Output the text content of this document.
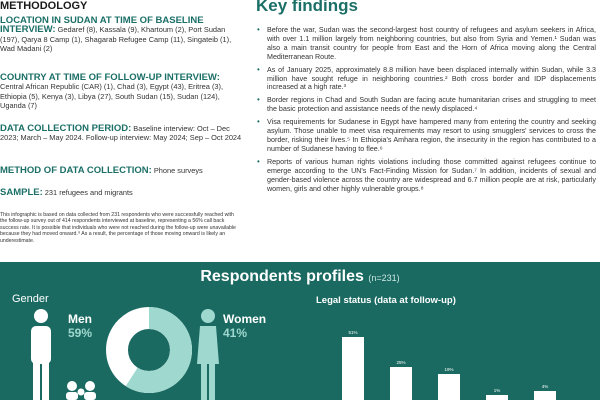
METHODOLOGY
LOCATION IN SUDAN AT TIME OF BASELINE INTERVIEW: Gedaref (8), Kassala (9), Khartoum (2), Port Sudan (197), Qarya 8 Camp (1), Shagarab Refugee Camp (11), Singateib (1), Wad Madani (2)
COUNTRY AT TIME OF FOLLOW-UP INTERVIEW: Central African Republic (CAR) (1), Chad (3), Egypt (43), Eritrea (3), Ethiopia (5), Kenya (3), Libya (27), South Sudan (15), Sudan (124), Uganda (7)
DATA COLLECTION PERIOD: Baseline interview: Oct – Dec 2023; March – May 2024. Follow-up interview: May 2024; Sep – Oct 2024
METHOD OF DATA COLLECTION: Phone surveys
SAMPLE: 231 refugees and migrants
This infographic is based on data collected from 231 respondents who were successfully reached with the follow-up survey out of 414 respondents interviewed at baseline, representing a 56% call back success rate. It is possible that individuals who were not reached during the follow-up were unavailable because they had moved onward.⁹ As a result, the percentage of those moving onward is likely an underestimate.
Key findings
• Before the war, Sudan was the second-largest host country of refugees and asylum seekers in Africa, with over 1.1 million largely from neighboring countries, but also from Syria and Yemen.¹ Sudan was also a main transit country for people from East and the Horn of Africa moving along the Central Mediterranean Route.
• As of January 2025, approximately 8.8 million have been displaced internally within Sudan, while 3.3 million have sought refuge in neighboring countries.² Both cross border and IDP displacements increased at a high rate.³
• Border regions in Chad and South Sudan are facing acute humanitarian crises and struggling to meet the basic protection and assistance needs of the newly displaced.⁴
• Visa requirements for Sudanese in Egypt have hampered many from entering the country and seeking asylum. Those unable to meet visa requirements may resort to using smugglers' services to cross the border, risking their lives.⁵ In Ethiopia's Amhara region, the insecurity in the region has contributed to a number of Sudanese having to flee.⁶
• Reports of various human rights violations including those committed against refugees continue to emerge according to the UN's Fact-Finding Mission for Sudan.⁷ In addition, incidents of sexual and gender-based violence across the country are widespread and 6.7 million people are at risk, particularly women, girls and other highly vulnerable groups.⁸
Respondents profiles (n=231)
Gender
Men
59%
Women
41%
Legal status (data at follow-up)
51%
25%
19%
1%
4%
